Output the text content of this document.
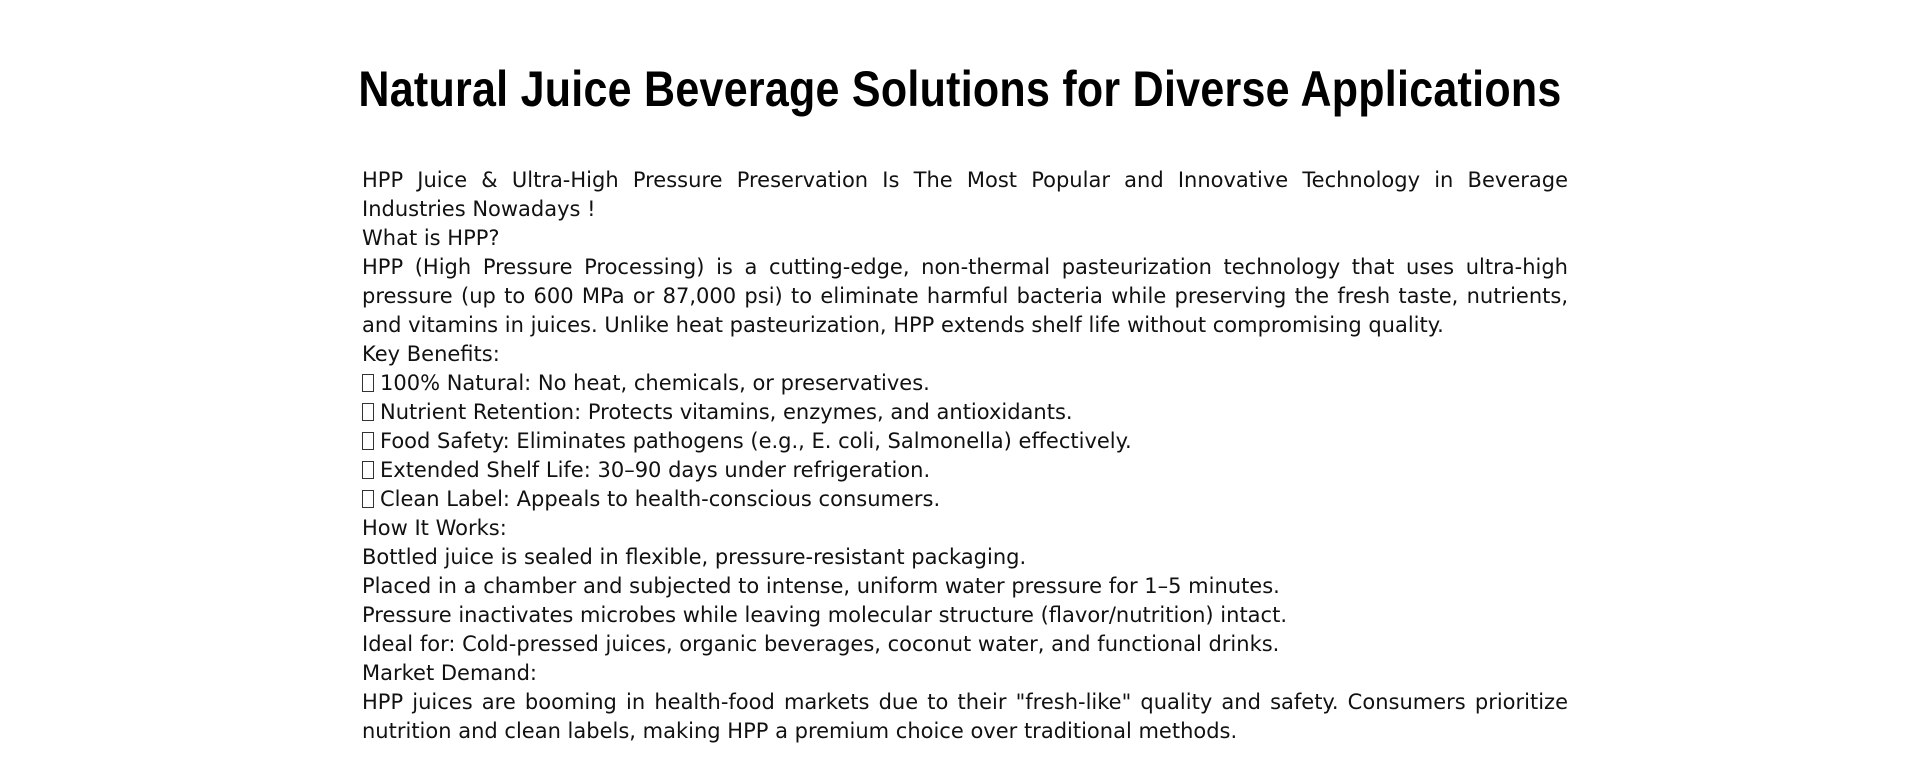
Natural Juice Beverage Solutions for Diverse Applications

HPP Juice & Ultra-High Pressure Preservation Is The Most Popular and Innovative Technology in Beverage Industries Nowadays !

What is HPP?

HPP (High Pressure Processing) is a cutting-edge, non-thermal pasteurization technology that uses ultra-high pressure (up to 600 MPa or 87,000 psi) to eliminate harmful bacteria while preserving the fresh taste, nutrients, and vitamins in juices. Unlike heat pasteurization, HPP extends shelf life without compromising quality.

Key Benefits:

100% Natural: No heat, chemicals, or preservatives.

Nutrient Retention: Protects vitamins, enzymes, and antioxidants.

Food Safety: Eliminates pathogens (e.g., E. coli, Salmonella) effectively.

Extended Shelf Life: 30–90 days under refrigeration.

Clean Label: Appeals to health-conscious consumers.

How It Works:

Bottled juice is sealed in flexible, pressure-resistant packaging.

Placed in a chamber and subjected to intense, uniform water pressure for 1–5 minutes.

Pressure inactivates microbes while leaving molecular structure (flavor/nutrition) intact.

Ideal for: Cold-pressed juices, organic beverages, coconut water, and functional drinks.

Market Demand:

HPP juices are booming in health-food markets due to their "fresh-like" quality and safety. Consumers prioritize nutrition and clean labels, making HPP a premium choice over traditional methods.
